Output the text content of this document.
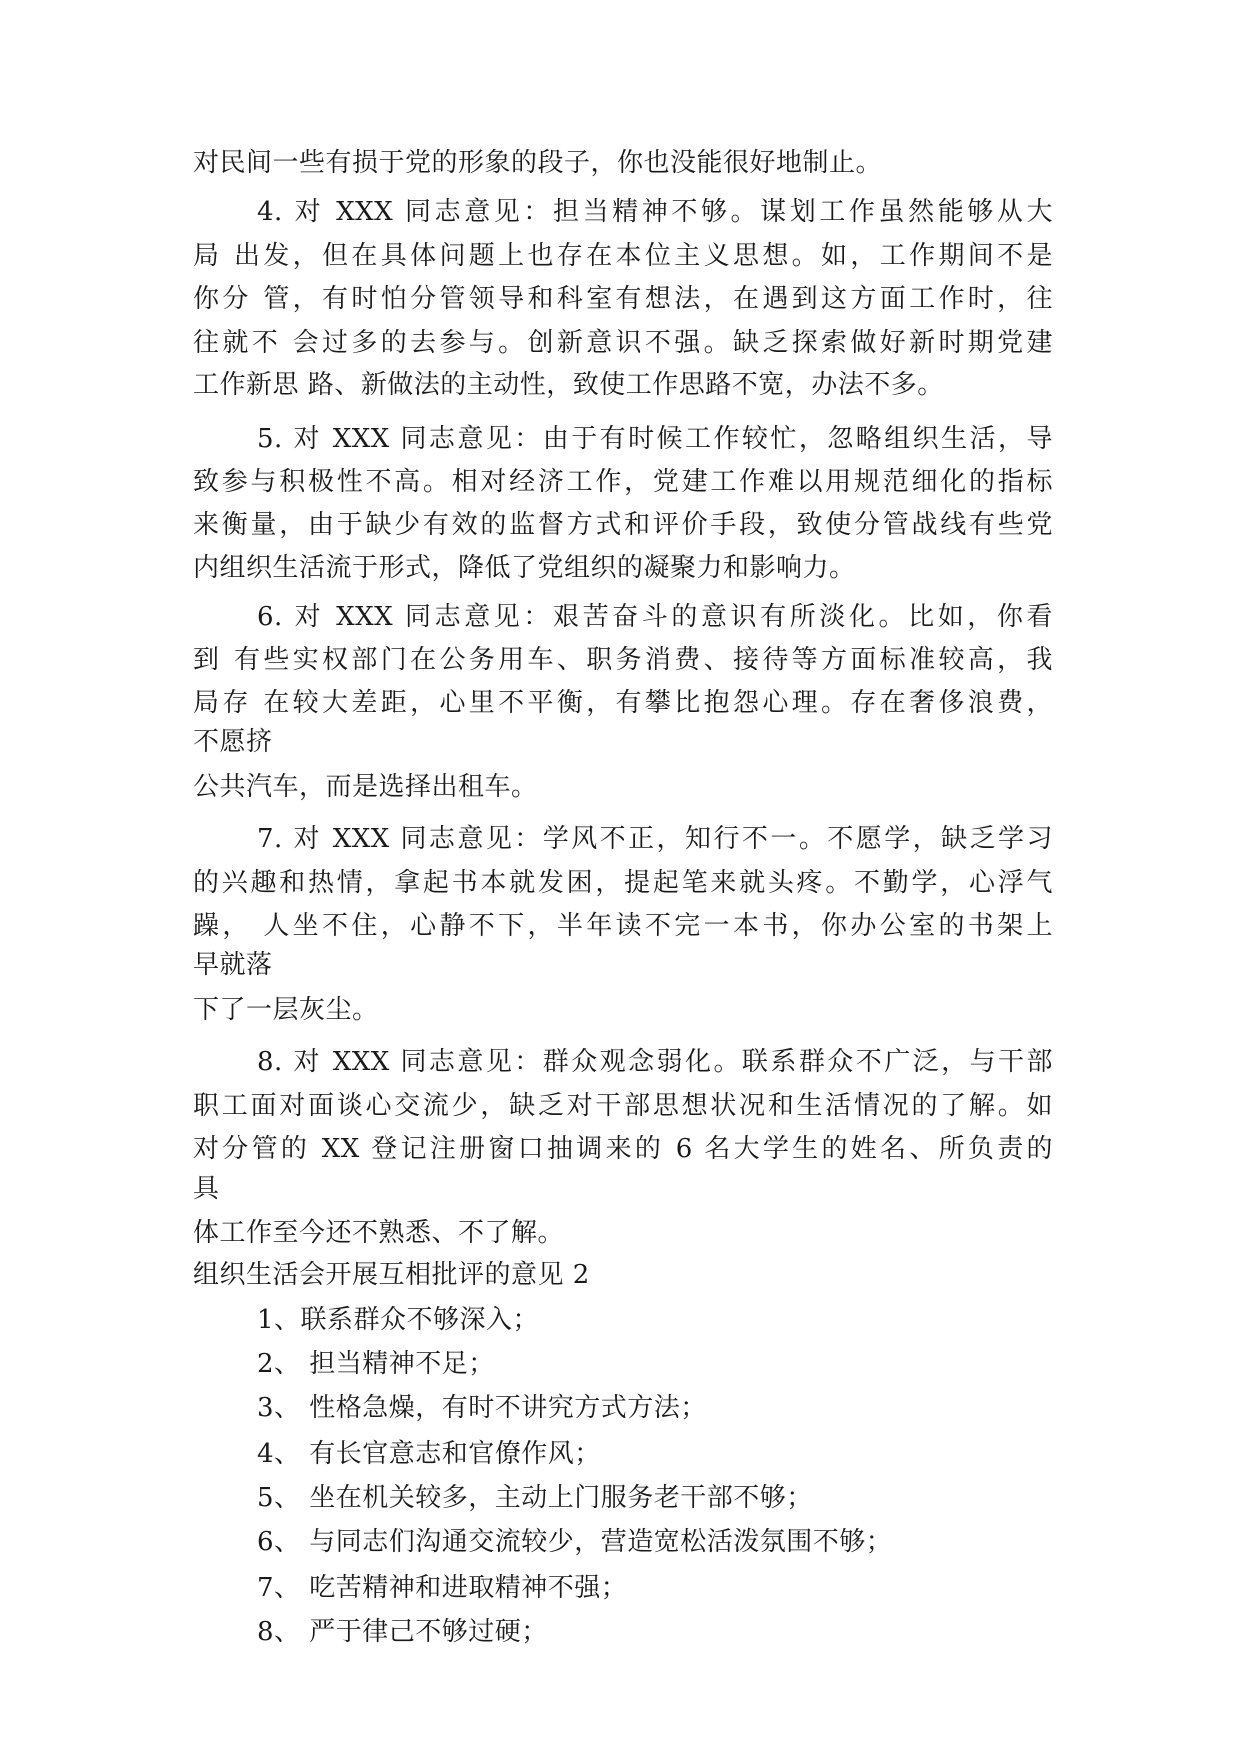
对民间一些有损于党的形象的段子，你也没能很好地制止。
4. 对 XXX 同志意见：担当精神不够。谋划工作虽然能够从大
局 出发，但在具体问题上也存在本位主义思想。如，工作期间不是
你分 管，有时怕分管领导和科室有想法，在遇到这方面工作时，往
往就不 会过多的去参与。创新意识不强。缺乏探索做好新时期党建
工作新思 路、新做法的主动性，致使工作思路不宽，办法不多。
5. 对 XXX 同志意见：由于有时候工作较忙，忽略组织生活，导
致参与积极性不高。相对经济工作，党建工作难以用规范细化的指标
来衡量，由于缺少有效的监督方式和评价手段，致使分管战线有些党
内组织生活流于形式，降低了党组织的凝聚力和影响力。
6. 对 XXX 同志意见：艰苦奋斗的意识有所淡化。比如，你看
到 有些实权部门在公务用车、职务消费、接待等方面标准较高，我
局存 在较大差距，心里不平衡，有攀比抱怨心理。存在奢侈浪费，
不愿挤
公共汽车，而是选择出租车。
7. 对 XXX 同志意见：学风不正，知行不一。不愿学，缺乏学习
的兴趣和热情，拿起书本就发困，提起笔来就头疼。不勤学，心浮气
躁， 人坐不住，心静不下，半年读不完一本书，你办公室的书架上
早就落
下了一层灰尘。
8. 对 XXX 同志意见：群众观念弱化。联系群众不广泛，与干部
职工面对面谈心交流少，缺乏对干部思想状况和生活情况的了解。如
对分管的 XX 登记注册窗口抽调来的 6 名大学生的姓名、所负责的
具
体工作至今还不熟悉、不了解。
组织生活会开展互相批评的意见 2
1、联系群众不够深入；
2、 担当精神不足；
3、 性格急燥，有时不讲究方式方法；
4、 有长官意志和官僚作风；
5、 坐在机关较多，主动上门服务老干部不够；
6、 与同志们沟通交流较少，营造宽松活泼氛围不够；
7、 吃苦精神和进取精神不强；
8、 严于律己不够过硬；
